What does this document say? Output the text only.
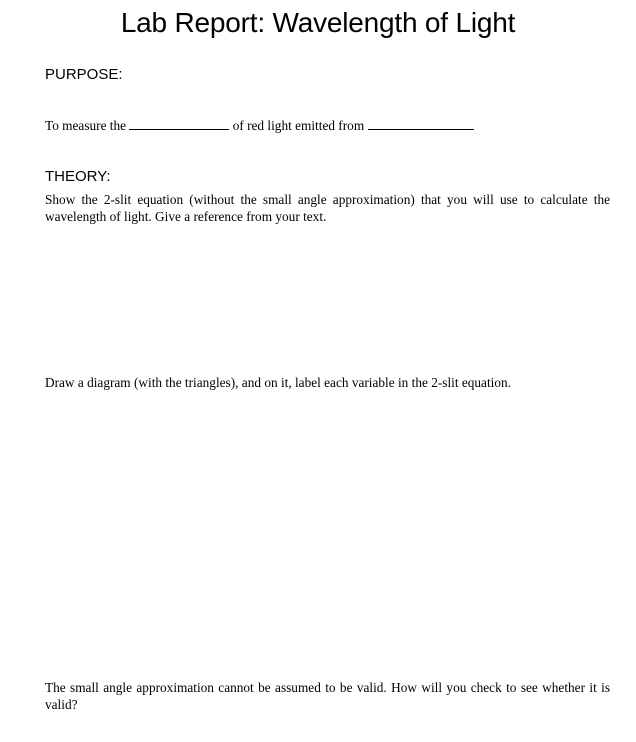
Lab Report: Wavelength of Light
PURPOSE:
To measure the	of red light emitted from
THEORY:
Show the 2-slit equation (without the small angle approximation) that you will use to calculate the wavelength of light. Give a reference from your text.
Draw a diagram (with the triangles), and on it, label each variable in the 2-slit equation.
The small angle approximation cannot be assumed to be valid. How will you check to see whether it is valid?
